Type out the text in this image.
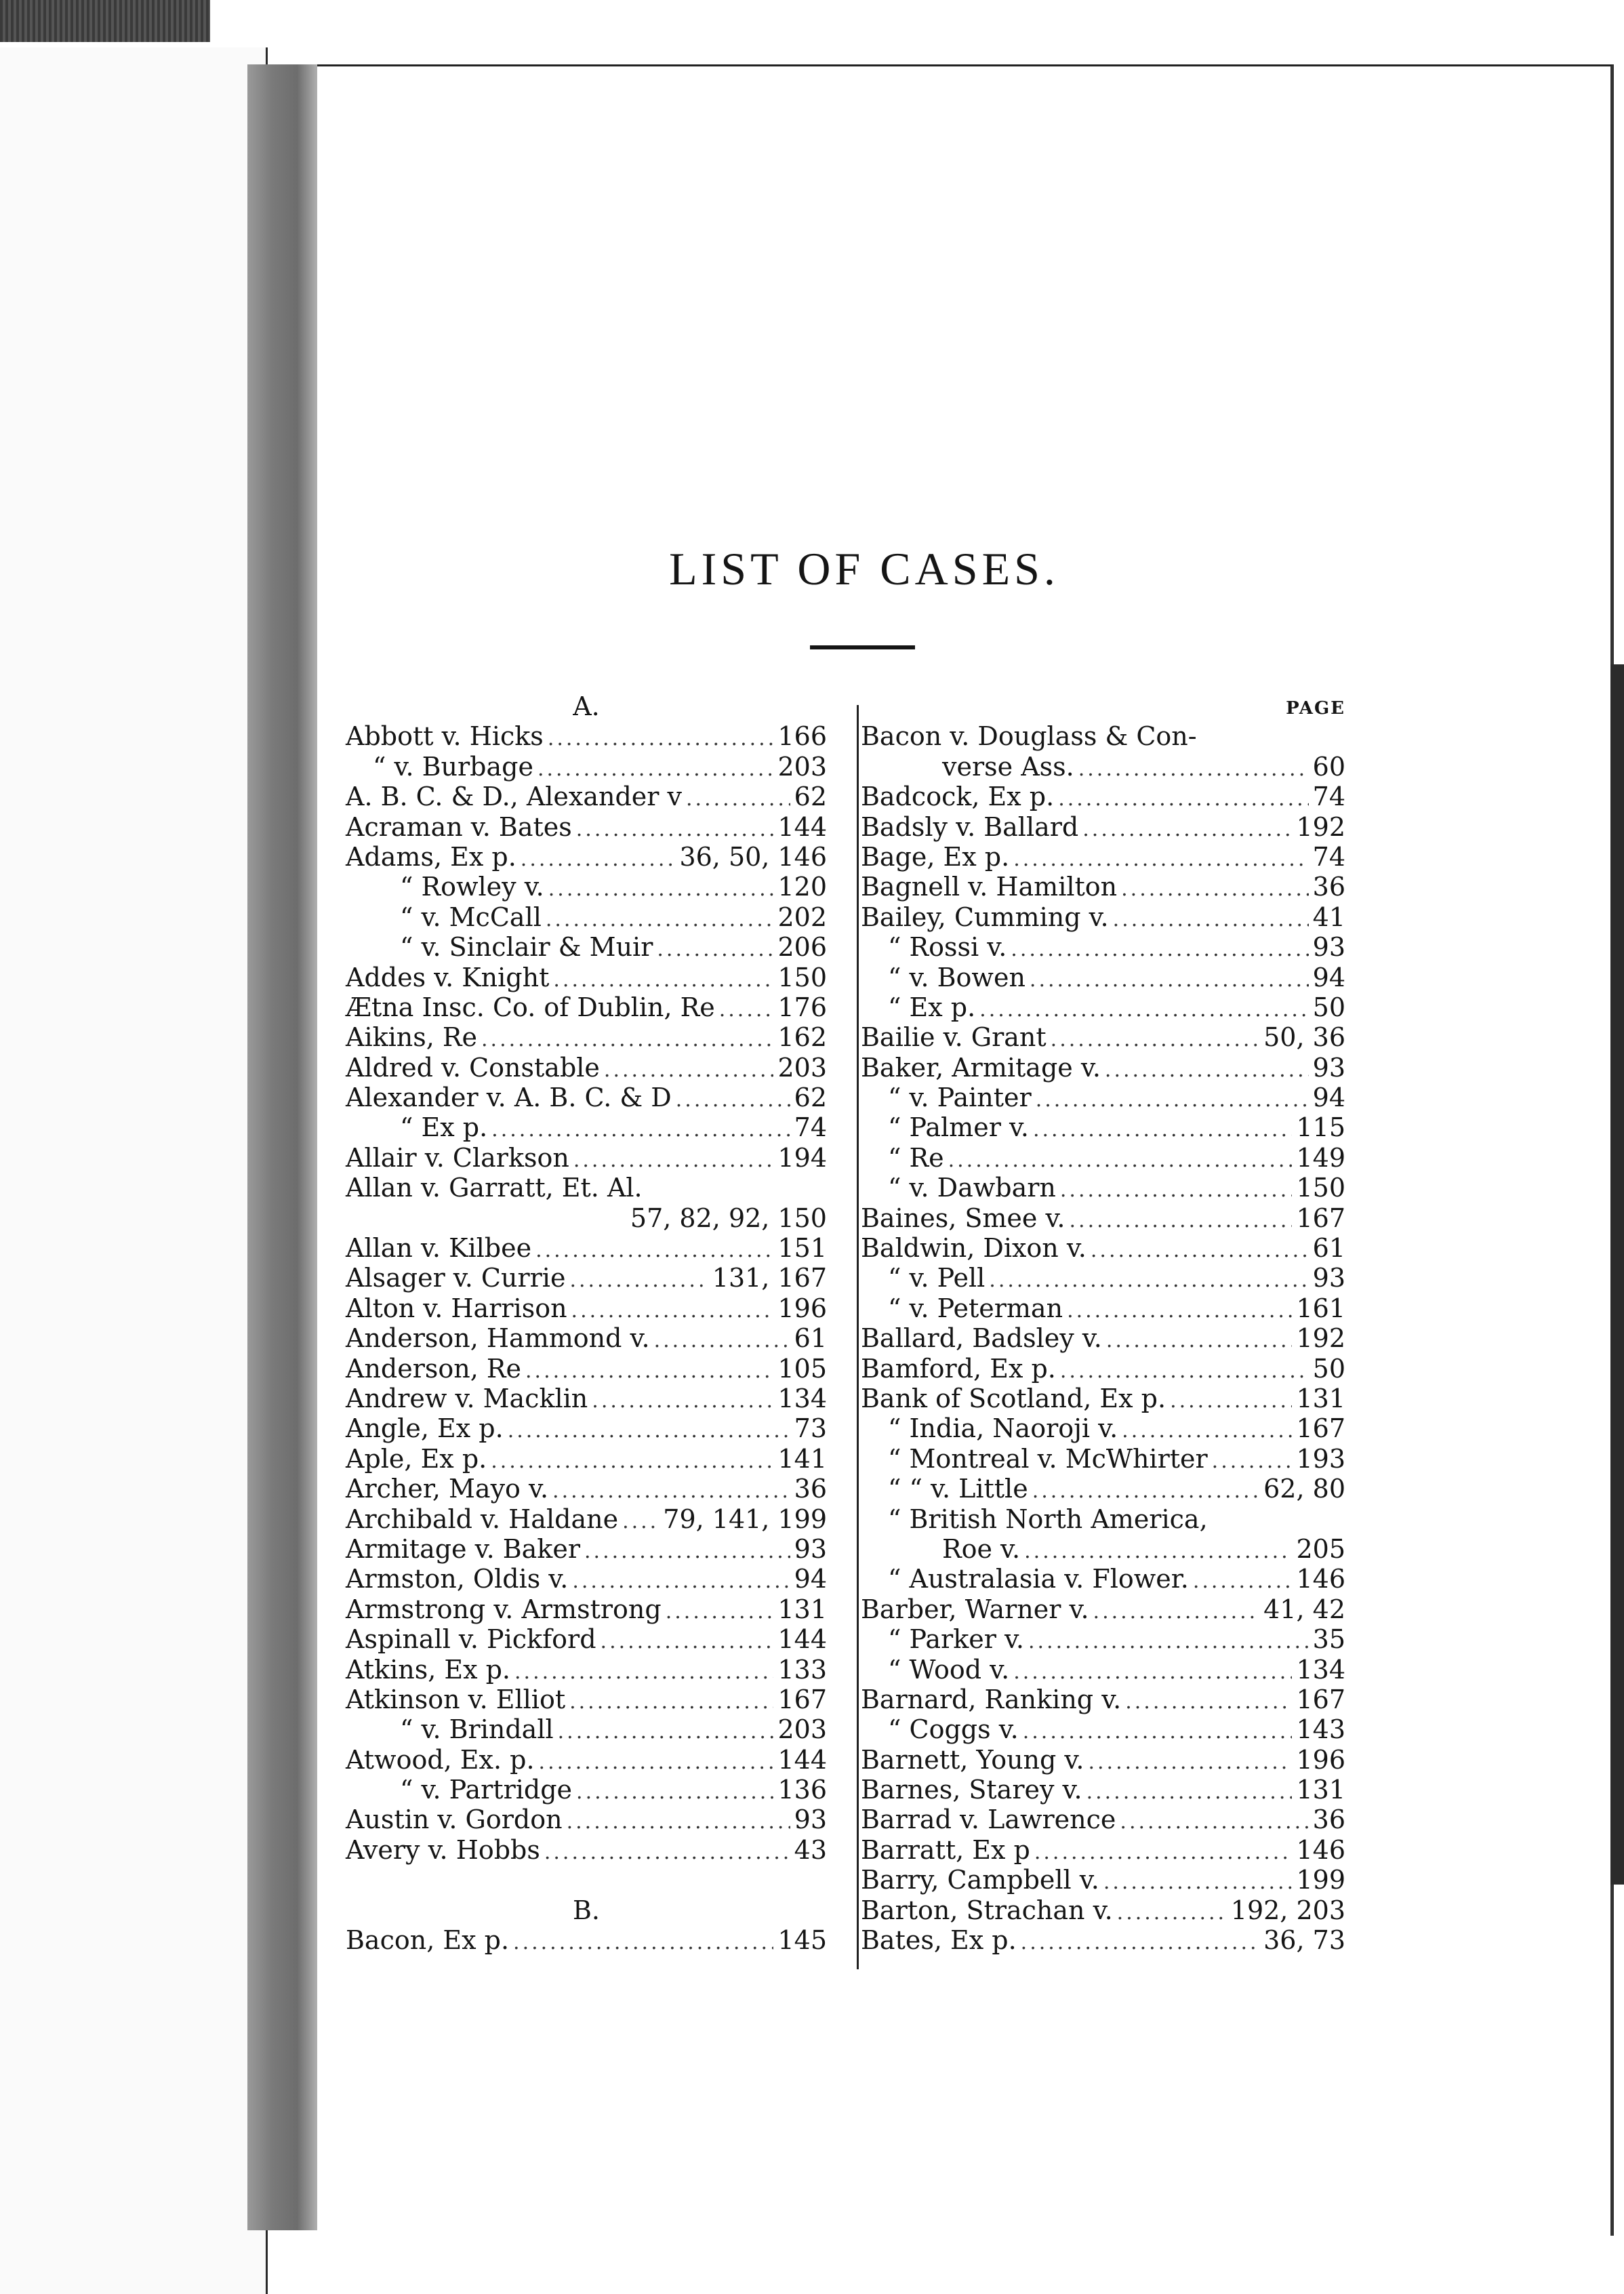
LIST OF CASES.
A.
Abbott v. Hicks .....	166
“ v. Burbage .....	203
A. B. C. & D., Alexander v .....	62
Acraman v. Bates .....	144
Adams, Ex p. .....	36, 50, 146
“ Rowley v. .....	120
“ v. McCall .....	202
“ v. Sinclair & Muir .....	206
Addes v. Knight .....	150
Ætna Insc. Co. of Dublin, Re ..... 176
Aikins, Re .....	162
Aldred v. Constable .....	203
Alexander v. A. B. C. & D .....	62
“ Ex p. .....	74
Allair v. Clarkson .....	194
Allan v. Garratt, Et. Al.
57, 82, 92, 150
Allan v. Kilbee .....	151
Alsager v. Currie .....	131, 167
Alton v. Harrison .....	196
Anderson, Hammond v. .....	61
Anderson, Re .....	105
Andrew v. Macklin .....	134
Angle, Ex p. .....	73
Aple, Ex p. .....	141
Archer, Mayo v. .....	36
Archibald v. Haldane ..... 79, 141, 199
Armitage v. Baker .....	93
Armston, Oldis v. .....	94
Armstrong v. Armstrong .....	131
Aspinall v. Pickford .....	144
Atkins, Ex p. .....	133
Atkinson v. Elliot .....	167
“ v. Brindall .....	203
Atwood, Ex. p. .....	144
“ v. Partridge .....	136
Austin v. Gordon .....	93
Avery v. Hobbs .....	43
B.
Bacon, Ex p. .....	145
PAGE
Bacon v. Douglass & Con-
verse Ass. .....	60
Badcock, Ex p. .....	74
Badsly v. Ballard .....	192
Bage, Ex p. .....	74
Bagnell v. Hamilton .....	36
Bailey, Cumming v. .....	41
“ Rossi v. .....	93
“ v. Bowen .....	94
“ Ex p. .....	50
Bailie v. Grant .....	50, 36
Baker, Armitage v. .....	93
“ v. Painter .....	94
“ Palmer v. .....	115
“ Re .....	149
“ v. Dawbarn .....	150
Baines, Smee v. .....	167
Baldwin, Dixon v. .....	61
“ v. Pell .....	93
“ v. Peterman .....	161
Ballard, Badsley v. .....	192
Bamford, Ex p. .....	50
Bank of Scotland, Ex p. .....	131
“ India, Naoroji v. .....	167
“ Montreal v. McWhirter .....	193
“ “ v. Little .....	62, 80
“ British North America,
Roe v. .....	205
“ Australasia v. Flower. .....	146
Barber, Warner v. .....	41, 42
“ Parker v. .....	35
“ Wood v. .....	134
Barnard, Ranking v. .....	167
“ Coggs v. .....	143
Barnett, Young v. .....	196
Barnes, Starey v. .....	131
Barrad v. Lawrence .....	36
Barratt, Ex p .....	146
Barry, Campbell v. .....	199
Barton, Strachan v. .....	192, 203
Bates, Ex p. .....	36, 73
